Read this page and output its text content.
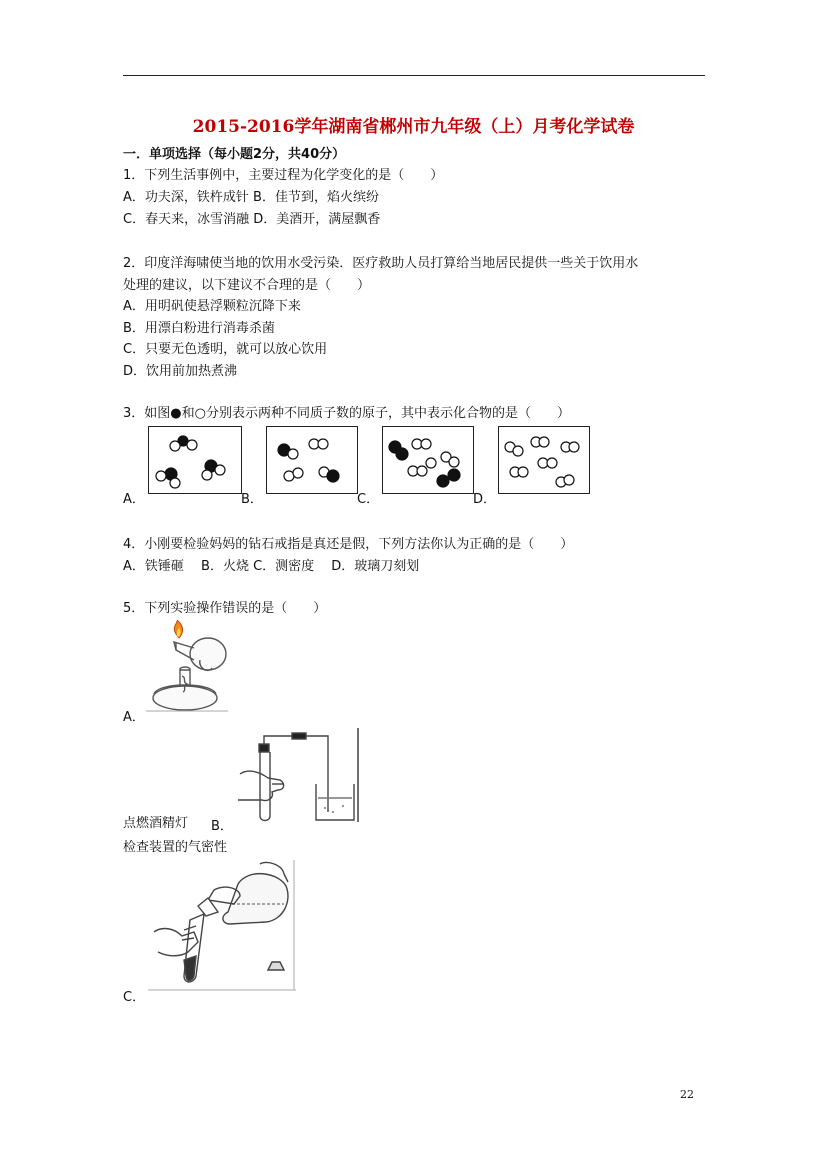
2015-2016学年湖南省郴州市九年级（上）月考化学试卷
一．单项选择（每小题2分，共40分）
1．下列生活事例中，主要过程为化学变化的是（　　）
A．功夫深，铁杵成针 B．佳节到，焰火缤纷
C．春天来，冰雪消融 D．美酒开，满屋飘香
2．印度洋海啸使当地的饮用水受污染．医疗救助人员打算给当地居民提供一些关于饮用水
处理的建议，以下建议不合理的是（　　）
A．用明矾使悬浮颗粒沉降下来
B．用漂白粉进行消毒杀菌
C．只要无色透明，就可以放心饮用
D．饮用前加热煮沸
3．如图●和○分别表示两种不同质子数的原子，其中表示化合物的是（　　）
A．	B．	C．	D．
4．小刚要检验妈妈的钻石戒指是真还是假，下列方法你认为正确的是（　　）
A．铁锤砸　 B．火烧 C．测密度　 D．玻璃刀刻划
5．下列实验操作错误的是（　　）
A．
点燃酒精灯 B．
检查装置的气密性
C．
22
